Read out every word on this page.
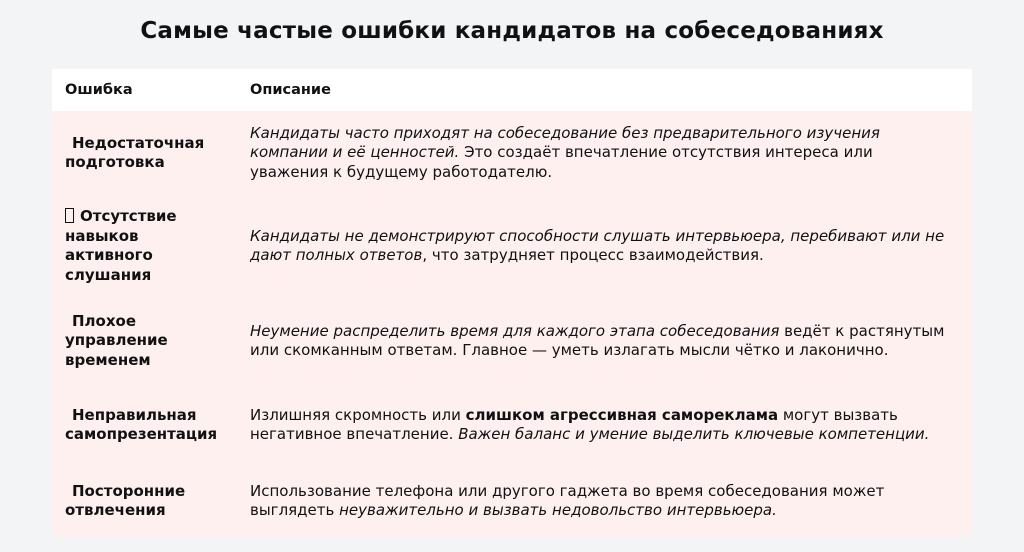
Самые частые ошибки кандидатов на собеседованиях
Ошибка	Описание
Недостаточная
подготовка
Кандидаты часто приходят на собеседование без предварительного изучения компании и её ценностей. Это создаёт впечатление отсутствия интереса или уважения к будущему работодателю.
Отсутствие
навыков
активного
слушания
Кандидаты не демонстрируют способности слушать интервьюера, перебивают или не дают полных ответов, что затрудняет процесс взаимодействия.
Плохое
управление
временем
Неумение распределить время для каждого этапа собеседования ведёт к растянутым или скомканным ответам. Главное — уметь излагать мысли чётко и лаконично.
Неправильная
самопрезентация
Излишняя скромность или слишком агрессивная самореклама могут вызвать негативное впечатление. Важен баланс и умение выделить ключевые компетенции.
Посторонние
отвлечения
Использование телефона или другого гаджета во время собеседования может выглядеть неуважительно и вызвать недовольство интервьюера.
